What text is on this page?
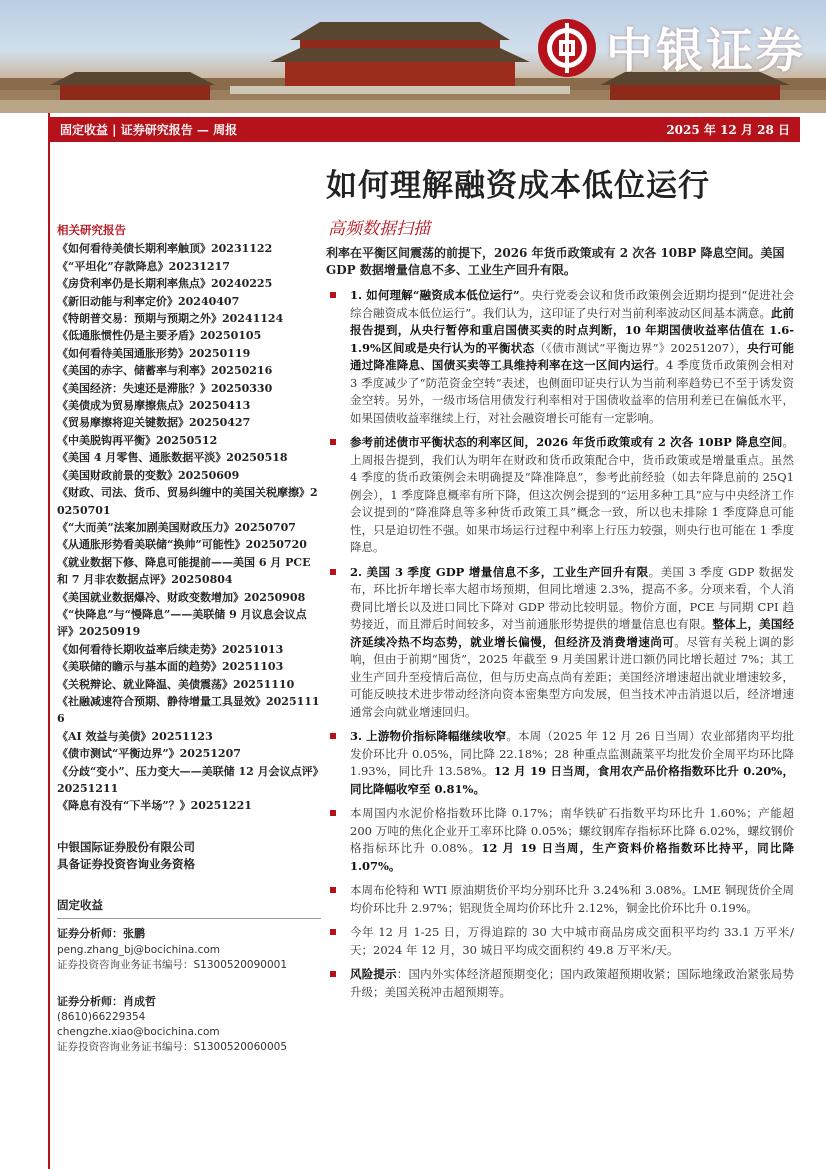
中银证券
固定收益 | 证券研究报告 — 周报	2025 年 12 月 28 日
如何理解融资成本低位运行
高频数据扫描
利率在平衡区间震荡的前提下，2026 年货币政策或有 2 次各 10BP 降息空间。美国 GDP 数据增量信息不多、工业生产回升有限。
相关研究报告
《如何看待美债长期利率触顶》20231122
《“平坦化”存款降息》20231217
《房贷利率仍是长期利率焦点》20240225
《新旧动能与利率定价》20240407
《特朗普交易：预期与预期之外》20241124
《低通胀惯性仍是主要矛盾》20250105
《如何看待美国通胀形势》20250119
《美国的赤字、储蓄率与利率》20250216
《美国经济：失速还是滞胀？》20250330
《美债成为贸易摩擦焦点》20250413
《贸易摩擦将迎关键数据》20250427
《中美脱钩再平衡》20250512
《美国 4 月零售、通胀数据平淡》20250518
《美国财政前景的变数》20250609
《财政、司法、货币、贸易纠缠中的美国关税摩擦》20250701
《“大而美”法案加剧美国财政压力》20250707
《从通胀形势看美联储“换帅”可能性》20250720
《就业数据下修、降息可能提前——美国 6 月 PCE 和 7 月非农数据点评》20250804
《美国就业数据爆冷、财政变数增加》20250908
《“快降息”与“慢降息”——美联储 9 月议息会议点评》20250919
《如何看待长期收益率后续走势》20251013
《美联储的瞻示与基本面的趋势》20251103
《关税辩论、就业降温、美债震荡》20251110
《社融减速符合预期、静待增量工具显效》20251116
《AI 效益与美债》20251123
《债市测试“平衡边界”》20251207
《分歧“变小”、压力变大——美联储 12 月会议点评》20251211
《降息有没有“下半场”？》20251221
中银国际证券股份有限公司
具备证券投资咨询业务资格
固定收益
证券分析师：张鹏
peng.zhang_bj@bocichina.com
证券投资咨询业务证书编号：S1300520090001
证券分析师：肖成哲
(8610)66229354
chengzhe.xiao@bocichina.com
证券投资咨询业务证书编号：S1300520060005
1. 如何理解“融资成本低位运行”。央行党委会议和货币政策例会近期均提到“促进社会综合融资成本低位运行”。我们认为，这印证了央行对当前利率波动区间基本满意。此前报告提到，从央行暂停和重启国债买卖的时点判断，10 年期国债收益率估值在 1.6-1.9%区间或是央行认为的平衡状态（《债市测试“平衡边界”》20251207），央行可能通过降准降息、国债买卖等工具维持利率在这一区间内运行。4 季度货币政策例会相对 3 季度减少了“防范资金空转”表述，也侧面印证央行认为当前利率趋势已不至于诱发资金空转。另外，一级市场信用债发行利率相对于国债收益率的信用利差已在偏低水平，如果国债收益率继续上行，对社会融资增长可能有一定影响。
参考前述债市平衡状态的利率区间，2026 年货币政策或有 2 次各 10BP 降息空间。上周报告提到，我们认为明年在财政和货币政策配合中，货币政策或是增量重点。虽然 4 季度的货币政策例会未明确提及“降准降息”，参考此前经验（如去年降息前的 25Q1 例会），1 季度降息概率有所下降，但这次例会提到的“运用多种工具”应与中央经济工作会议提到的“降准降息等多种货币政策工具”概念一致，所以也未排除 1 季度降息可能性，只是迫切性不强。如果市场运行过程中利率上行压力较强，则央行也可能在 1 季度降息。
2. 美国 3 季度 GDP 增量信息不多，工业生产回升有限。美国 3 季度 GDP 数据发布，环比折年增长率大超市场预期，但同比增速 2.3%，提高不多。分项来看，个人消费同比增长以及进口同比下降对 GDP 带动比较明显。物价方面，PCE 与同期 CPI 趋势接近，而且滞后时间较多，对当前通胀形势提供的增量信息也有限。整体上，美国经济延续冷热不均态势，就业增长偏慢，但经济及消费增速尚可。尽管有关税上调的影响，但由于前期“囤货”，2025 年截至 9 月美国累计进口额仍同比增长超过 7%；其工业生产回升至疫情后高位，但与历史高点尚有差距；美国经济增速超出就业增速较多，可能反映技术进步带动经济向资本密集型方向发展，但当技术冲击消退以后，经济增速通常会向就业增速回归。
3. 上游物价指标降幅继续收窄。本周（2025 年 12 月 26 日当周）农业部猪肉平均批发价环比升 0.05%，同比降 22.18%；28 种重点监测蔬菜平均批发价全周平均环比降 1.93%，同比升 13.58%。12 月 19 日当周，食用农产品价格指数环比升 0.20%，同比降幅收窄至 0.81%。
本周国内水泥价格指数环比降 0.17%；南华铁矿石指数平均环比升 1.60%；产能超 200 万吨的焦化企业开工率环比降 0.05%；螺纹钢库存指标环比降 6.02%，螺纹钢价格指标环比升 0.08%。12 月 19 日当周，生产资料价格指数环比持平，同比降 1.07%。
本周布伦特和 WTI 原油期货价平均分别环比升 3.24%和 3.08%。LME 铜现货价全周均价环比升 2.97%；铝现货全周均价环比升 2.12%，铜金比价环比升 0.19%。
今年 12 月 1-25 日，万得追踪的 30 大中城市商品房成交面积平均约 33.1 万平米/天；2024 年 12 月，30 城日平均成交面积约 49.8 万平米/天。
风险提示：国内外实体经济超预期变化；国内政策超预期收紧；国际地缘政治紧张局势升级；美国关税冲击超预期等。
